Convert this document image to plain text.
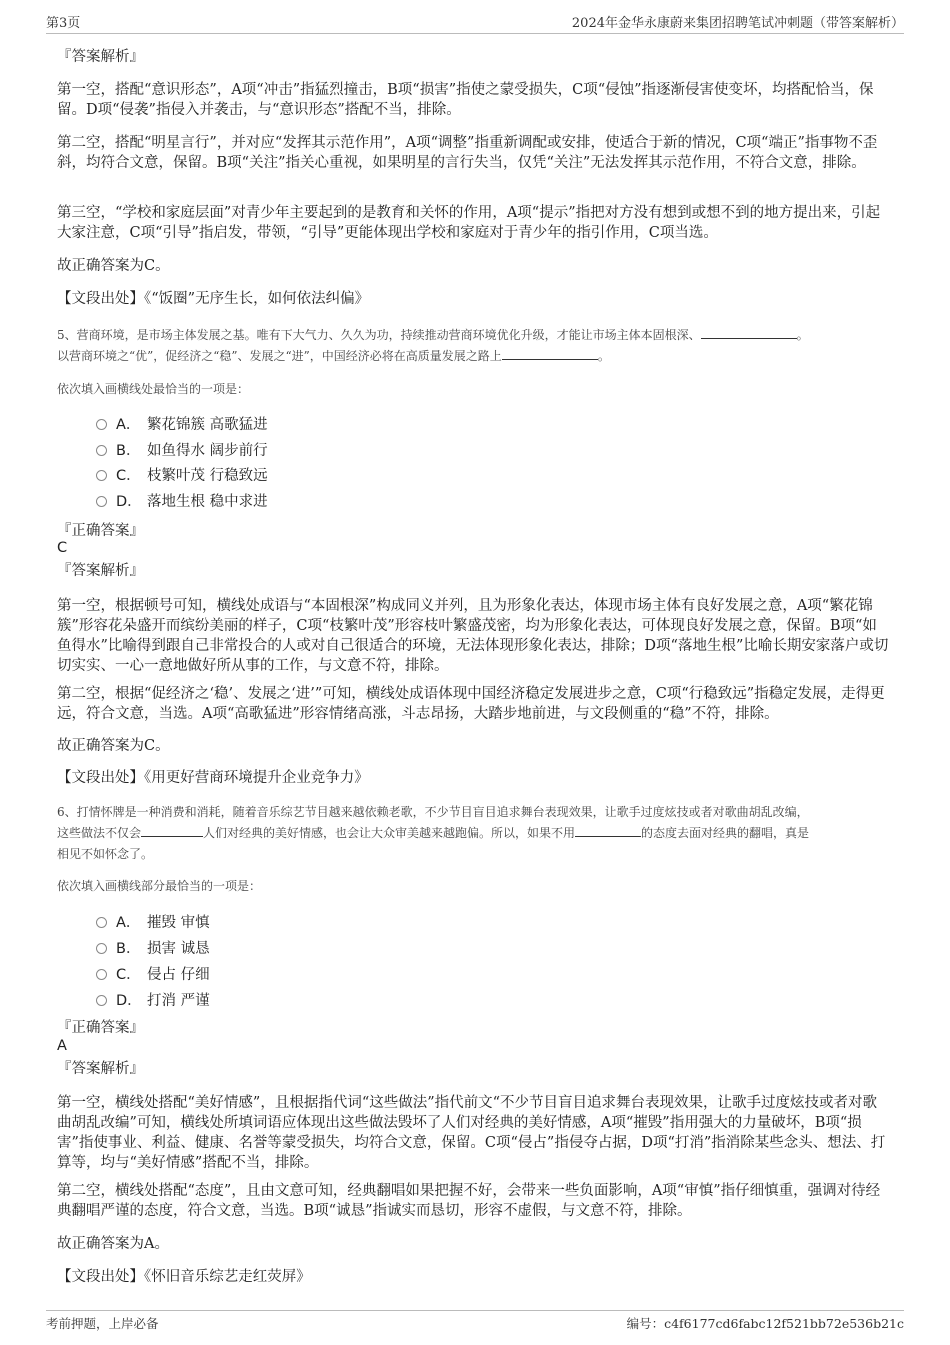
第3页	2024年金华永康蔚来集团招聘笔试冲刺题（带答案解析）
『答案解析』

第一空，搭配“意识形态”，A项“冲击”指猛烈撞击，B项“损害”指使之蒙受损失，C项“侵蚀”指逐渐侵害使变坏，均搭配恰当，保留。D项“侵袭”指侵入并袭击，与“意识形态”搭配不当，排除。

第二空，搭配“明星言行”，并对应“发挥其示范作用”，A项“调整”指重新调配或安排，使适合于新的情况，C项“端正”指事物不歪斜，均符合文意，保留。B项“关注”指关心重视，如果明星的言行失当，仅凭“关注”无法发挥其示范作用，不符合文意，排除。

第三空，“学校和家庭层面”对青少年主要起到的是教育和关怀的作用，A项“提示”指把对方没有想到或想不到的地方提出来，引起大家注意，C项“引导”指启发，带领，“引导”更能体现出学校和家庭对于青少年的指引作用，C项当选。

故正确答案为C。
【文段出处】《“饭圈”无序生长，如何依法纠偏》

5、营商环境，是市场主体发展之基。唯有下大气力、久久为功，持续推动营商环境优化升级，才能让市场主体本固根深、	。
以营商环境之“优”，促经济之“稳”、发展之“进”，中国经济必将在高质量发展之路上	。

依次填入画横线处最恰当的一项是：
A． 繁花锦簇 高歌猛进
B． 如鱼得水 阔步前行
C． 枝繁叶茂 行稳致远
D． 落地生根 稳中求进
『正确答案』
C
『答案解析』

第一空，根据顿号可知，横线处成语与“本固根深”构成同义并列，且为形象化表达，体现市场主体有良好发展之意，A项“繁花锦簇”形容花朵盛开而缤纷美丽的样子，C项“枝繁叶茂”形容枝叶繁盛茂密，均为形象化表达，可体现良好发展之意，保留。B项“如鱼得水”比喻得到跟自己非常投合的人或对自己很适合的环境，无法体现形象化表达，排除；D项“落地生根”比喻长期安家落户或切切实实、一心一意地做好所从事的工作，与文意不符，排除。

第二空，根据“促经济之‘稳’、发展之‘进’”可知，横线处成语体现中国经济稳定发展进步之意，C项“行稳致远”指稳定发展，走得更远，符合文意，当选。A项“高歌猛进”形容情绪高涨，斗志昂扬，大踏步地前进，与文段侧重的“稳”不符，排除。

故正确答案为C。
【文段出处】《用更好营商环境提升企业竞争力》

6、打情怀牌是一种消费和消耗，随着音乐综艺节目越来越依赖老歌，不少节目盲目追求舞台表现效果，让歌手过度炫技或者对歌曲胡乱改编，
这些做法不仅会	人们对经典的美好情感，也会让大众审美越来越跑偏。所以，如果不用	的态度去面对经典的翻唱，真是
相见不如怀念了。

依次填入画横线部分最恰当的一项是：
A． 摧毁 审慎
B． 损害 诚恳
C． 侵占 仔细
D． 打消 严谨
『正确答案』
A
『答案解析』

第一空，横线处搭配“美好情感”，且根据指代词“这些做法”指代前文“不少节目盲目追求舞台表现效果，让歌手过度炫技或者对歌曲胡乱改编”可知，横线处所填词语应体现出这些做法毁坏了人们对经典的美好情感，A项“摧毁”指用强大的力量破坏，B项“损害”指使事业、利益、健康、名誉等蒙受损失，均符合文意，保留。C项“侵占”指侵夺占据，D项“打消”指消除某些念头、想法、打算等，均与“美好情感”搭配不当，排除。

第二空，横线处搭配“态度”，且由文意可知，经典翻唱如果把握不好，会带来一些负面影响，A项“审慎”指仔细慎重，强调对待经典翻唱严谨的态度，符合文意，当选。B项“诚恳”指诚实而恳切，形容不虚假，与文意不符，排除。

故正确答案为A。
【文段出处】《怀旧音乐综艺走红荧屏》
考前押题，上岸必备	编号：c4f6177cd6fabc12f521bb72e536b21c
